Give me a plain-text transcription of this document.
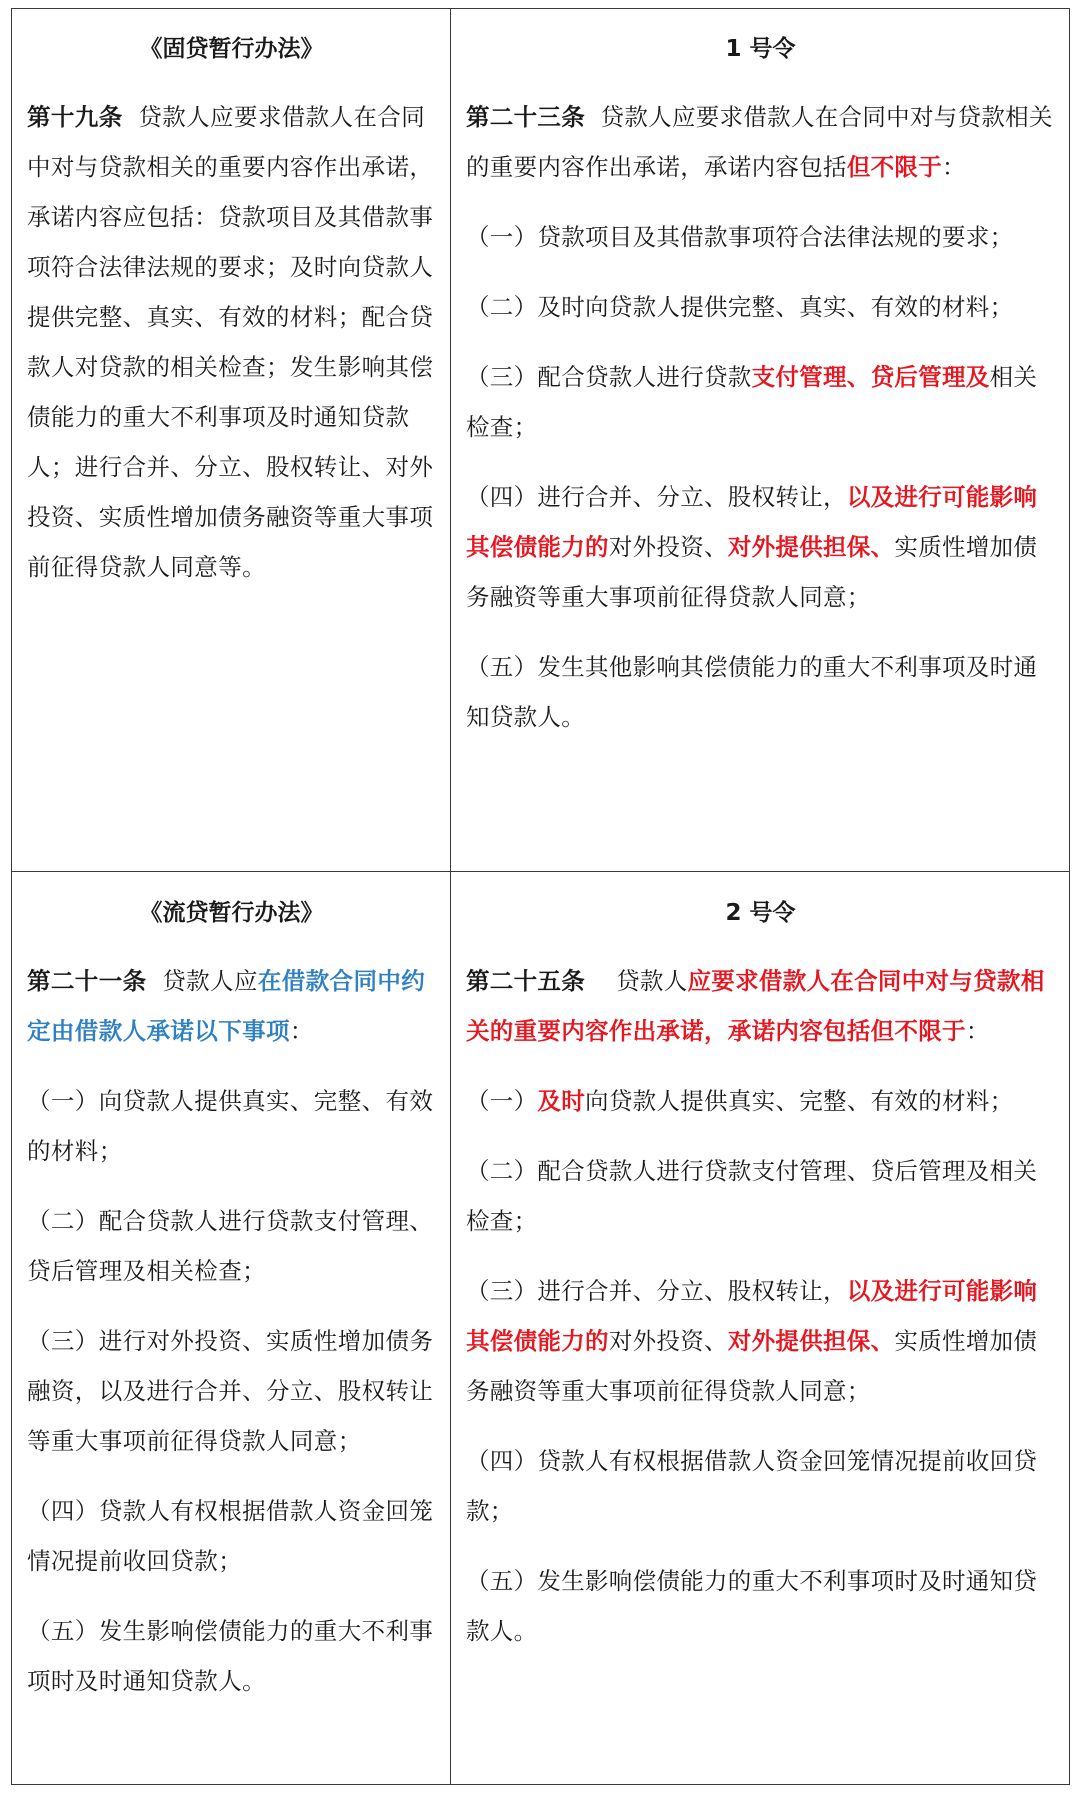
《固贷暂行办法》
第十九条 贷款人应要求借款人在合同中对与贷款相关的重要内容作出承诺，承诺内容应包括：贷款项目及其借款事项符合法律法规的要求；及时向贷款人提供完整、真实、有效的材料；配合贷款人对贷款的相关检查；发生影响其偿债能力的重大不利事项及时通知贷款人；进行合并、分立、股权转让、对外投资、实质性增加债务融资等重大事项前征得贷款人同意等。
1 号令
第二十三条 贷款人应要求借款人在合同中对与贷款相关的重要内容作出承诺，承诺内容包括但不限于：
（一）贷款项目及其借款事项符合法律法规的要求；
（二）及时向贷款人提供完整、真实、有效的材料；
（三）配合贷款人进行贷款支付管理、贷后管理及相关检查；
（四）进行合并、分立、股权转让，以及进行可能影响其偿债能力的对外投资、对外提供担保、实质性增加债务融资等重大事项前征得贷款人同意；
（五）发生其他影响其偿债能力的重大不利事项及时通知贷款人。
《流贷暂行办法》
第二十一条 贷款人应在借款合同中约定由借款人承诺以下事项：
（一）向贷款人提供真实、完整、有效的材料；
（二）配合贷款人进行贷款支付管理、贷后管理及相关检查；
（三）进行对外投资、实质性增加债务融资，以及进行合并、分立、股权转让等重大事项前征得贷款人同意；
（四）贷款人有权根据借款人资金回笼情况提前收回贷款；
（五）发生影响偿债能力的重大不利事项时及时通知贷款人。
2 号令
第二十五条 贷款人应要求借款人在合同中对与贷款相关的重要内容作出承诺，承诺内容包括但不限于：
（一）及时向贷款人提供真实、完整、有效的材料；
（二）配合贷款人进行贷款支付管理、贷后管理及相关检查；
（三）进行合并、分立、股权转让，以及进行可能影响其偿债能力的对外投资、对外提供担保、实质性增加债务融资等重大事项前征得贷款人同意；
（四）贷款人有权根据借款人资金回笼情况提前收回贷款；
（五）发生影响偿债能力的重大不利事项时及时通知贷款人。
